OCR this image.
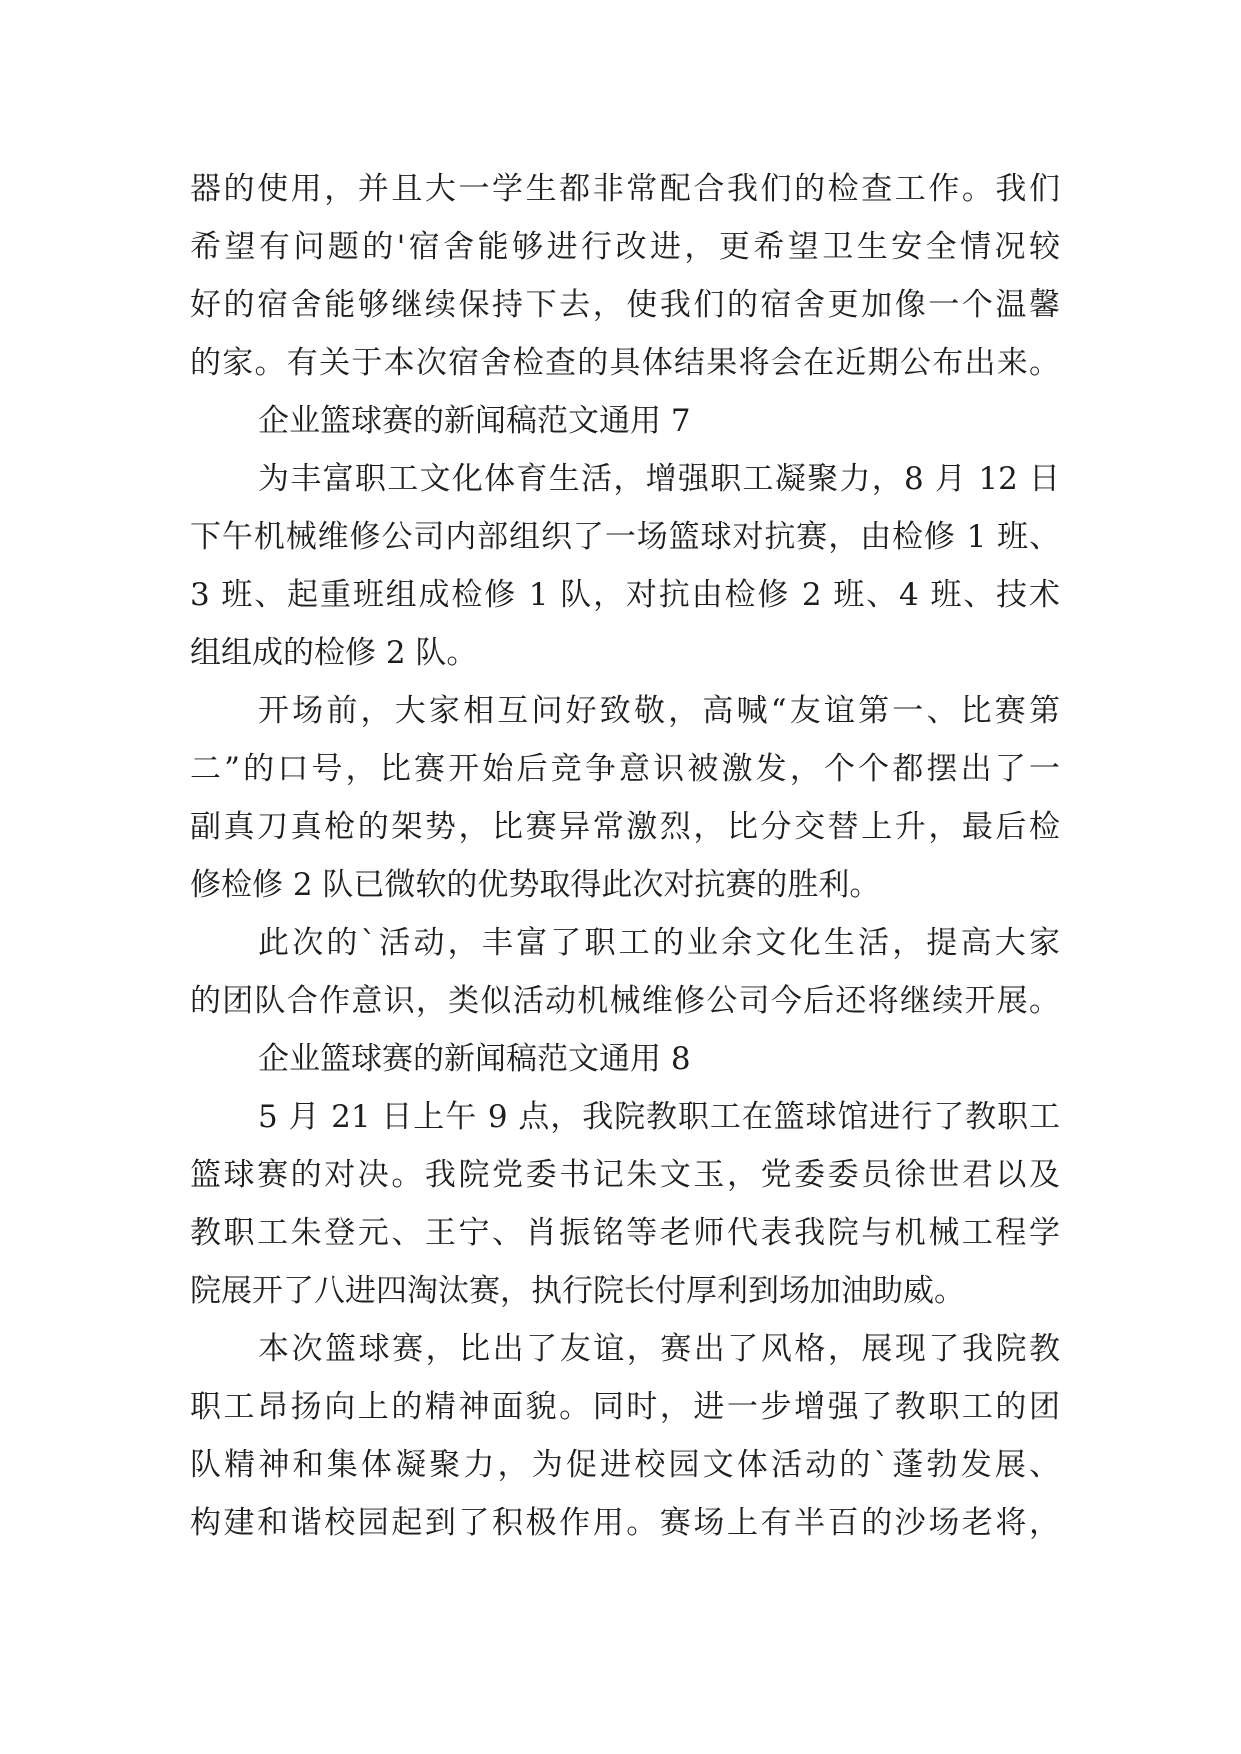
器的使用，并且大一学生都非常配合我们的检查工作。我们
希望有问题的'宿舍能够进行改进，更希望卫生安全情况较
好的宿舍能够继续保持下去，使我们的宿舍更加像一个温馨
的家。有关于本次宿舍检查的具体结果将会在近期公布出来。
企业篮球赛的新闻稿范文通用 7
为丰富职工文化体育生活，增强职工凝聚力，8 月 12 日
下午机械维修公司内部组织了一场篮球对抗赛，由检修 1 班、
3 班、起重班组成检修 1 队，对抗由检修 2 班、4 班、技术
组组成的检修 2 队。
开场前，大家相互问好致敬，高喊“友谊第一、比赛第
二”的口号，比赛开始后竞争意识被激发，个个都摆出了一
副真刀真枪的架势，比赛异常激烈，比分交替上升，最后检
修检修 2 队已微软的优势取得此次对抗赛的胜利。
此次的`活动，丰富了职工的业余文化生活，提高大家
的团队合作意识，类似活动机械维修公司今后还将继续开展。
企业篮球赛的新闻稿范文通用 8
5 月 21 日上午 9 点，我院教职工在篮球馆进行了教职工
篮球赛的对决。我院党委书记朱文玉，党委委员徐世君以及
教职工朱登元、王宁、肖振铭等老师代表我院与机械工程学
院展开了八进四淘汰赛，执行院长付厚利到场加油助威。
本次篮球赛，比出了友谊，赛出了风格，展现了我院教
职工昂扬向上的精神面貌。同时，进一步增强了教职工的团
队精神和集体凝聚力，为促进校园文体活动的`蓬勃发展、
构建和谐校园起到了积极作用。赛场上有半百的沙场老将，
